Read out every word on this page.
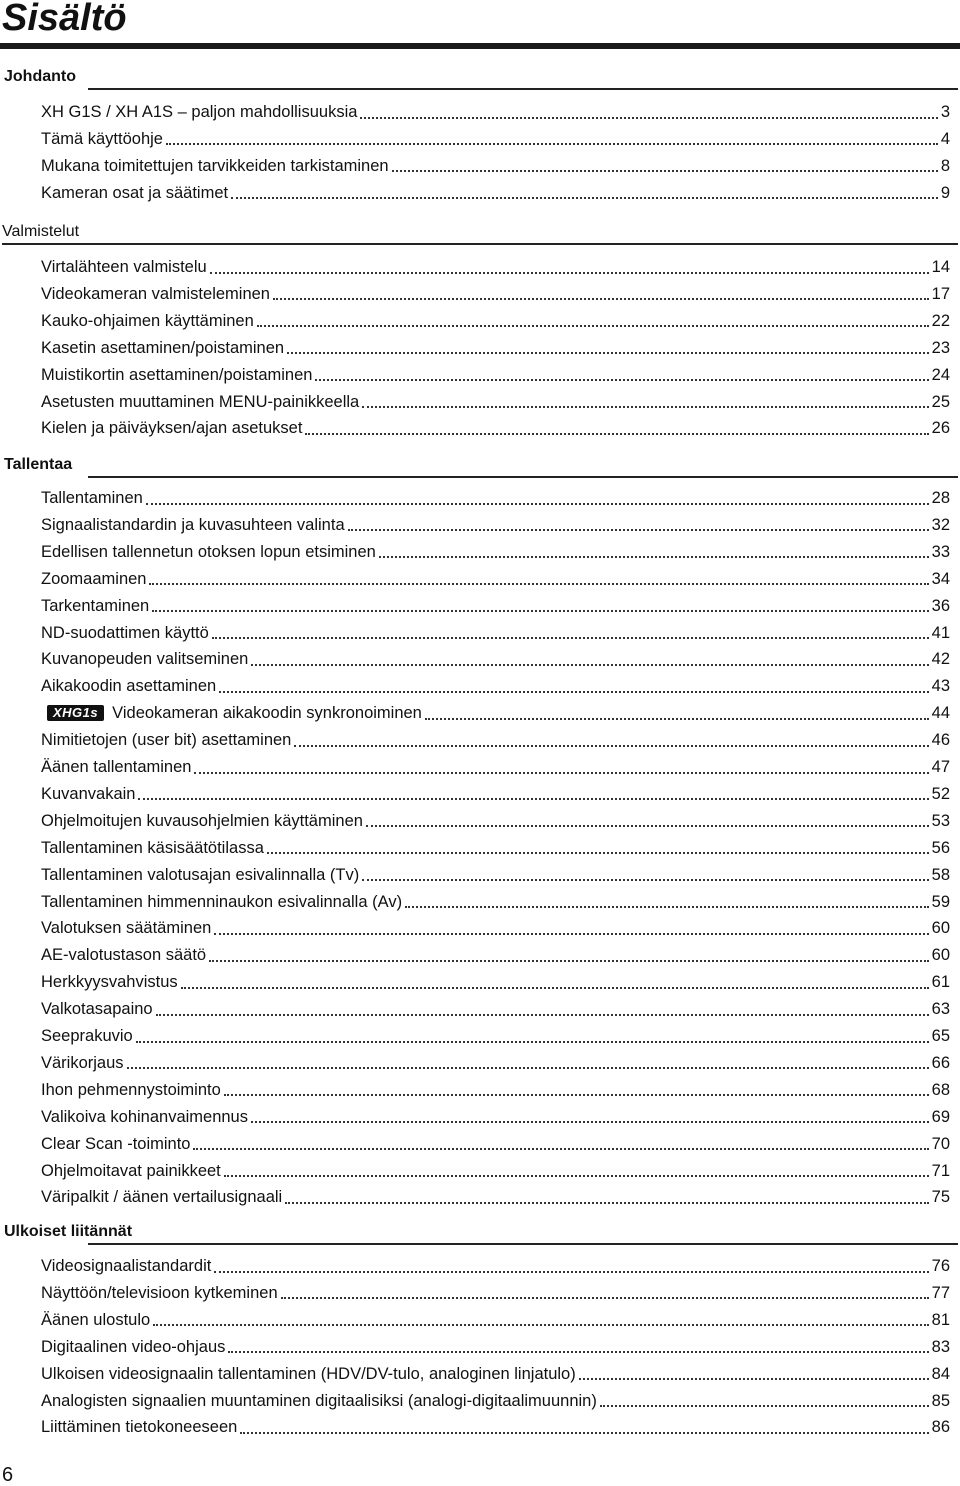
Sisältö
Johdanto
XH G1S / XH A1S – paljon mahdollisuuksia	3
Tämä käyttöohje	4
Mukana toimitettujen tarvikkeiden tarkistaminen	8
Kameran osat ja säätimet	9
Valmistelut
Virtalähteen valmistelu	14
Videokameran valmisteleminen	17
Kauko-ohjaimen käyttäminen	22
Kasetin asettaminen/poistaminen	23
Muistikortin asettaminen/poistaminen	24
Asetusten muuttaminen MENU-painikkeella	25
Kielen ja päiväyksen/ajan asetukset	26
Tallentaa
Tallentaminen	28
Signaalistandardin ja kuvasuhteen valinta	32
Edellisen tallennetun otoksen lopun etsiminen	33
Zoomaaminen	34
Tarkentaminen	36
ND-suodattimen käyttö	41
Kuvanopeuden valitseminen	42
Aikakoodin asettaminen	43
XHG1s Videokameran aikakoodin synkronoiminen	44
Nimitietojen (user bit) asettaminen	46
Äänen tallentaminen	47
Kuvanvakain	52
Ohjelmoitujen kuvausohjelmien käyttäminen	53
Tallentaminen käsisäätötilassa	56
Tallentaminen valotusajan esivalinnalla (Tv)	58
Tallentaminen himmenninaukon esivalinnalla (Av)	59
Valotuksen säätäminen	60
AE-valotustason säätö	60
Herkkyysvahvistus	61
Valkotasapaino	63
Seeprakuvio	65
Värikorjaus	66
Ihon pehmennystoiminto	68
Valikoiva kohinanvaimennus	69
Clear Scan -toiminto	70
Ohjelmoitavat painikkeet	71
Väripalkit / äänen vertailusignaali	75
Ulkoiset liitännät
Videosignaalistandardit	76
Näyttöön/televisioon kytkeminen	77
Äänen ulostulo	81
Digitaalinen video-ohjaus	83
Ulkoisen videosignaalin tallentaminen (HDV/DV-tulo, analoginen linjatulo)	84
Analogisten signaalien muuntaminen digitaalisiksi (analogi-digitaalimuunnin)	85
Liittäminen tietokoneeseen	86
6
